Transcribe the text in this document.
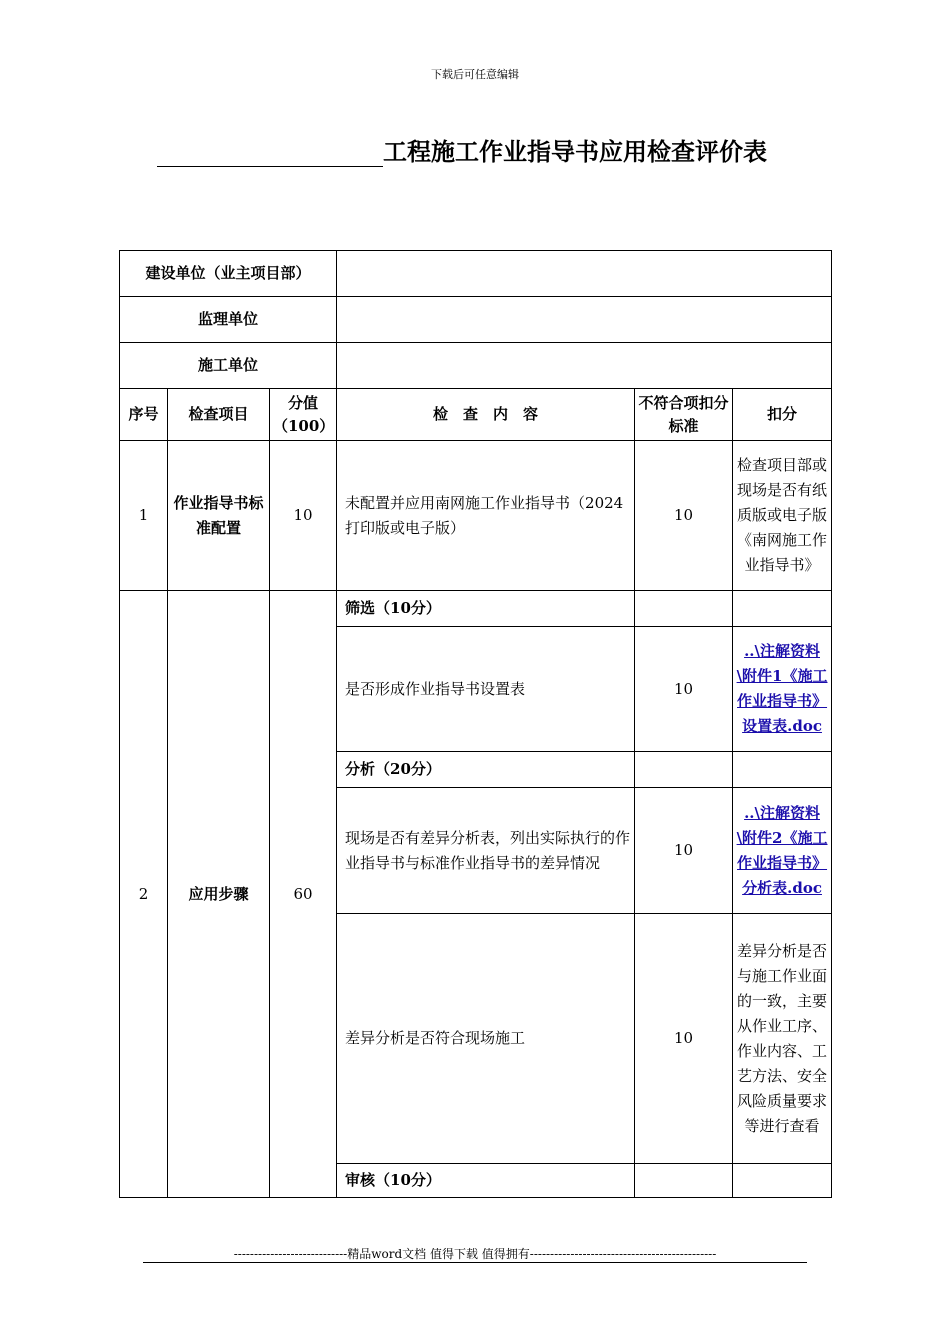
下载后可任意编辑
工程施工作业指导书应用检查评价表
建设单位（业主项目部）					
监理单位					
施工单位					
序号	检查项目	分值（100）	检　查　内　容	不符合项扣分标准	扣分
1	作业指导书标准配置	10	未配置并应用南网施工作业指导书（2024打印版或电子版）	10	检查项目部或现场是否有纸质版或电子版《南网施工作业指导书》
2	应用步骤	60	筛选（10分）		
			是否形成作业指导书设置表	10	..\注解资料\附件1《施工作业指导书》设置表.doc
			分析（20分）		
			现场是否有差异分析表，列出实际执行的作业指导书与标准作业指导书的差异情况	10	..\注解资料\附件2《施工作业指导书》分析表.doc
			差异分析是否符合现场施工	10	差异分析是否与施工作业面的一致，主要从作业工序、作业内容、工艺方法、安全风险质量要求等进行查看
			审核（10分）		
----------------------------精品word文档 值得下载 值得拥有----------------------------------------------
